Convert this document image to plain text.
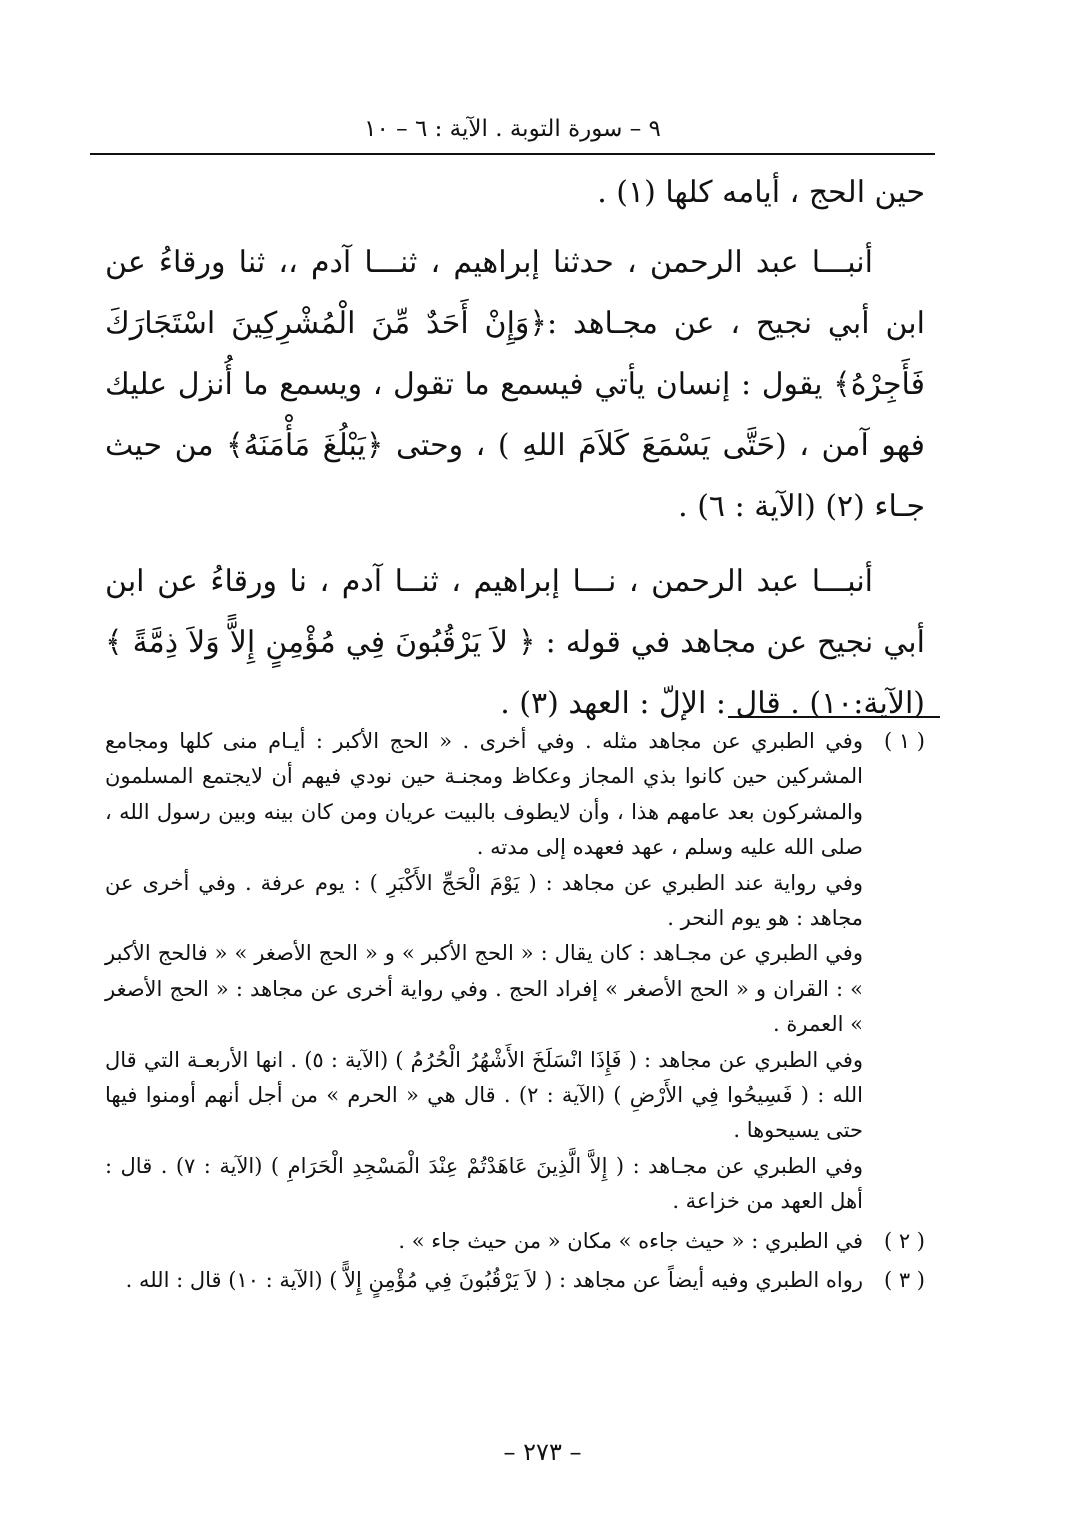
٩ – سورة التوبة . الآية : ٦ – ١٠

حين الحج ، أيامه كلها (١) .

أنبـــا عبد الرحمن ، حدثنا إبراهيم ، ثنـــا آدم ،، ثنا ورقاءُ عن ابن أبي نجيح ، عن مجـاهد :﴿وَإِنْ أَحَدٌ مِّنَ الْمُشْرِكِينَ اسْتَجَارَكَ فَأَجِرْهُ﴾ يقول : إنسان يأتي فيسمع ما تقول ، ويسمع ما أُنزل عليك فهو آمن ، (حَتَّى يَسْمَعَ كَلاَمَ اللهِ ) ، وحتى ﴿يَبْلُغَ مَأْمَنَهُ﴾ من حيث جـاء (٢) (الآية : ٦) .

أنبـــا عبد الرحمن ، نـــا إبراهيم ، ثنــا آدم ، نا ورقاءُ عن ابن أبي نجيح عن مجاهد في قوله : ﴿ لاَ يَرْقُبُونَ فِي مُؤْمِنٍ إِلاًّ وَلاَ ذِمَّةً ﴾ (الآية:١٠) . قال : الإلّ : العهد (٣) .

( ١ )

وفي الطبري عن مجاهد مثله . وفي أخرى . « الحج الأكبر : أيـام منى كلها ومجامع المشركين حين كانوا بذي المجاز وعكاظ ومجنـة حين نودي فيهم أن لايجتمع المسلمون والمشركون بعد عامهم هذا ، وأن لايطوف بالبيت عريان ومن كان بينه وبين رسول الله ، صلى الله عليه وسلم ، عهد فعهده إلى مدته .

وفي رواية عند الطبري عن مجاهد : ( يَوْمَ الْحَجِّ الأَكْبَرِ ) : يوم عرفة . وفي أخرى عن مجاهد : هو يوم النحر .

وفي الطبري عن مجـاهد : كان يقال : « الحج الأكبر » و « الحج الأصغر » « فالحج الأكبر » : القران و « الحج الأصغر » إفراد الحج . وفي رواية أخرى عن مجاهد : « الحج الأصغر » العمرة .

وفي الطبري عن مجاهد : ( فَإِذَا انْسَلَخَ الأَشْهُرُ الْحُرُمُ ) (الآية : ٥) . انها الأربعـة التي قال الله : ( فَسِيحُوا فِي الأَرْضِ ) (الآية : ٢) . قال هي « الحرم » من أجل أنهم أومنوا فيها حتى يسيحوها .

وفي الطبري عن مجـاهد : ( إِلاَّ الَّذِينَ عَاهَدْتُمْ عِنْدَ الْمَسْجِدِ الْحَرَامِ ) (الآية : ٧) . قال : أهل العهد من خزاعة .

( ٢ )

في الطبري : « حيث جاءه » مكان « من حيث جاء » .

( ٣ )

رواه الطبري وفيه أيضاً عن مجاهد : ( لاَ يَرْقُبُونَ فِي مُؤْمِنٍ إِلاًّ ) (الآية : ١٠) قال : الله .

– ٢٧٣ –
